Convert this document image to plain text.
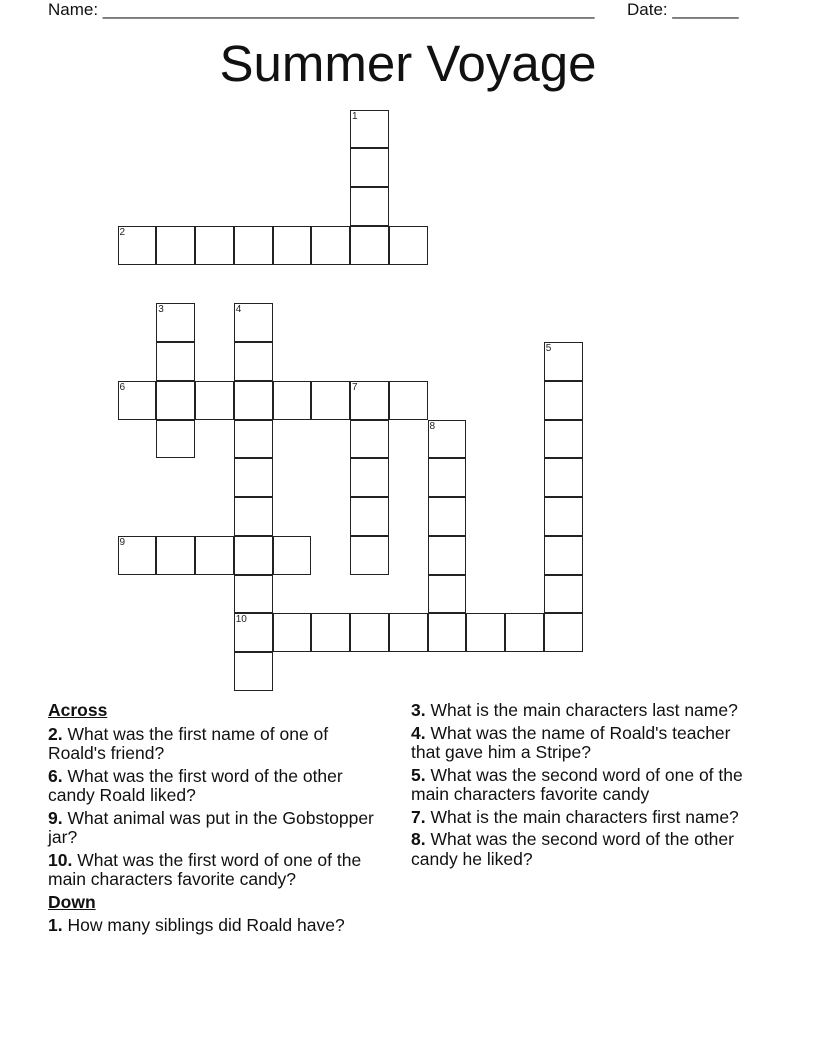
Name: ____________________________________________________ Date: _______
Summer Voyage
1
2
3	4
10
5
6	7
8
9
Across
2. What was the first name of one of Roald's friend?
6. What was the first word of the other candy Roald liked?
9. What animal was put in the Gobstopper jar?
10. What was the first word of one of the main characters favorite candy?
Down
1. How many siblings did Roald have?
3. What is the main characters last name?
4. What was the name of Roald's teacher that gave him a Stripe?
5. What was the second word of one of the main characters favorite candy
7. What is the main characters first name?
8. What was the second word of the other candy he liked?
